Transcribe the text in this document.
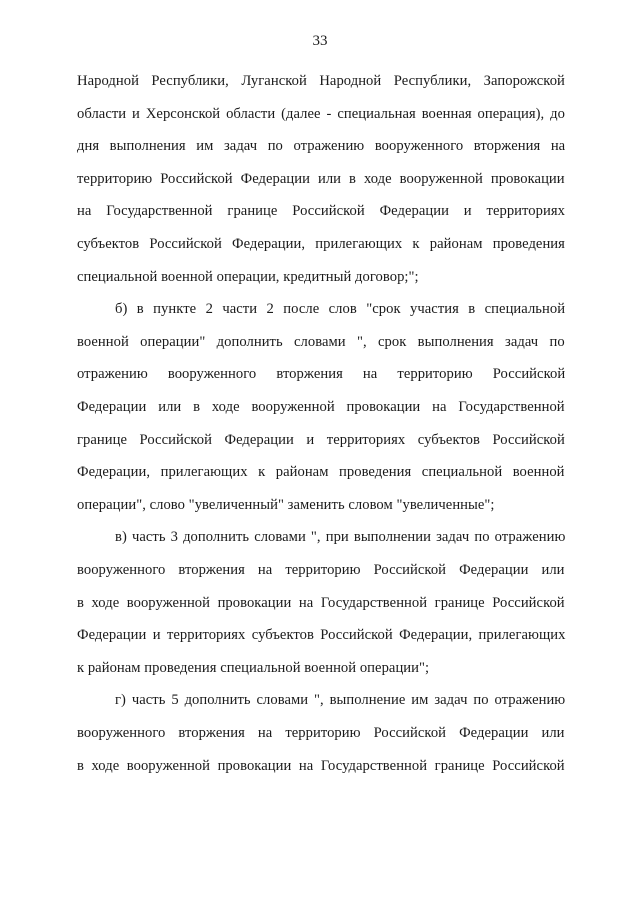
33
Народной Республики, Луганской Народной Республики, Запорожской
области и Херсонской области (далее - специальная военная операция), до
дня выполнения им задач по отражению вооруженного вторжения на
территорию Российской Федерации или в ходе вооруженной провокации
на Государственной границе Российской Федерации и территориях
субъектов Российской Федерации, прилегающих к районам проведения
специальной военной операции, кредитный договор;";
б) в пункте 2 части 2 после слов "срок участия в специальной
военной операции" дополнить словами ", срок выполнения задач по
отражению вооруженного вторжения на территорию Российской
Федерации или в ходе вооруженной провокации на Государственной
границе Российской Федерации и территориях субъектов Российской
Федерации, прилегающих к районам проведения специальной военной
операции", слово "увеличенный" заменить словом "увеличенные";
в) часть 3 дополнить словами ", при выполнении задач по отражению
вооруженного вторжения на территорию Российской Федерации или
в ходе вооруженной провокации на Государственной границе Российской
Федерации и территориях субъектов Российской Федерации, прилегающих
к районам проведения специальной военной операции";
г) часть 5 дополнить словами ", выполнение им задач по отражению
вооруженного вторжения на территорию Российской Федерации или
в ходе вооруженной провокации на Государственной границе Российской
